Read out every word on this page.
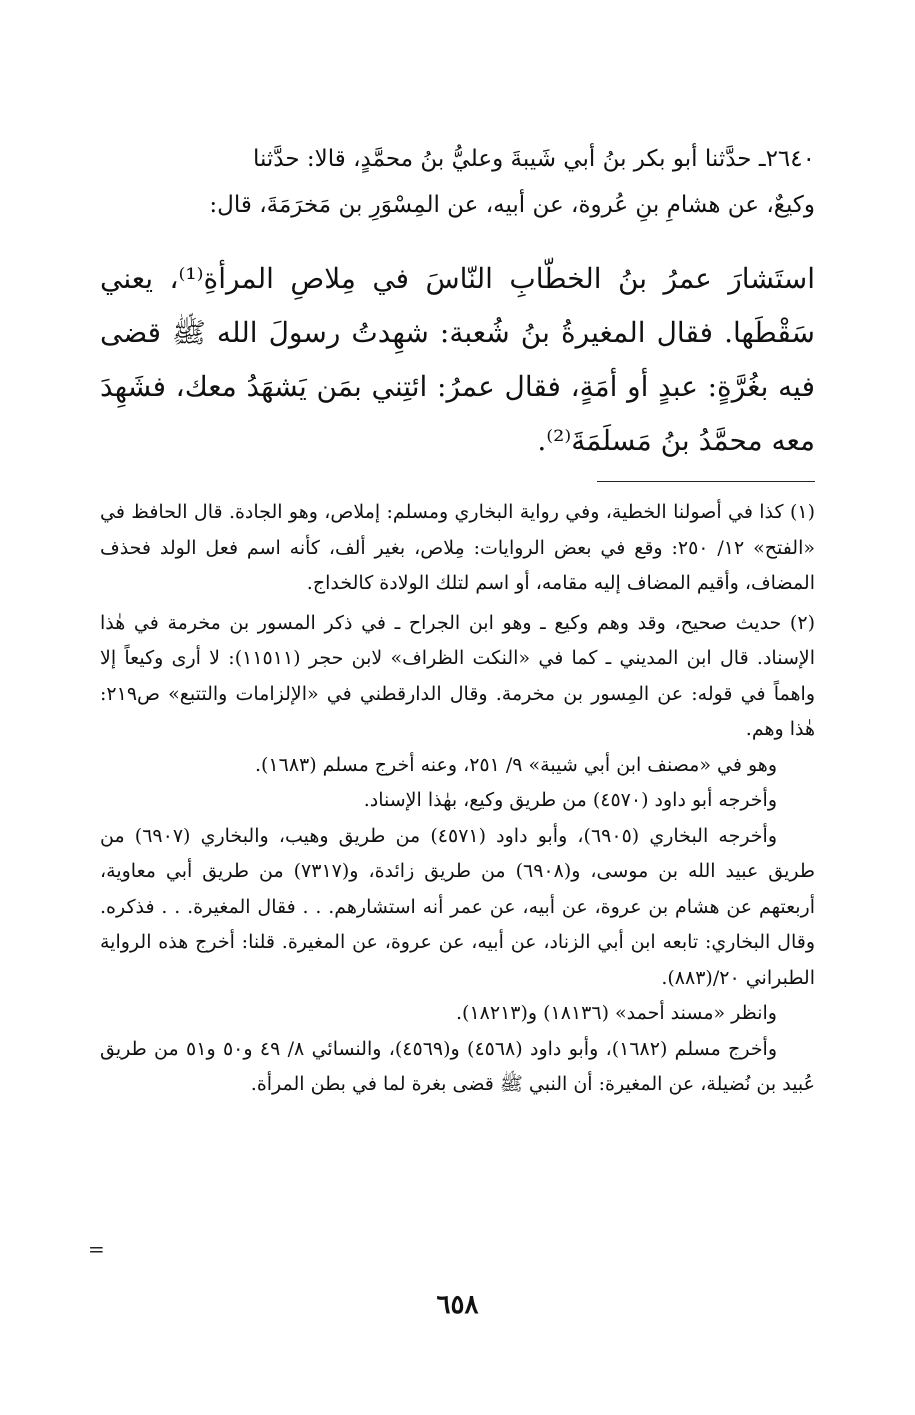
٢٦٤٠ـ حدَّثنا أبو بكر بنُ أبي شَيبةَ وعليُّ بنُ محمَّدٍ، قالا: حدَّثنا
وكيعٌ، عن هشامِ بنِ عُروة، عن أبيه، عن المِسْوَرِ بن مَخرَمَةَ، قال:
استَشارَ عمرُ بنُ الخطّابِ النّاسَ في مِلاصِ المرأةِ⁽¹⁾، يعني سَقْطَها. فقال المغيرةُ بنُ شُعبة: شهِدتُ رسولَ الله ﷺ قضى فيه بغُرَّةٍ: عبدٍ أو أمَةٍ، فقال عمرُ: ائتِني بمَن يَشهَدُ معك، فشَهِدَ معه محمَّدُ بنُ مَسلَمَةَ⁽²⁾.

(١) كذا في أصولنا الخطية، وفي رواية البخاري ومسلم: إملاص، وهو الجادة. قال الحافظ في «الفتح» ١٢/ ٢٥٠: وقع في بعض الروايات: مِلاص، بغير ألف، كأنه اسم فعل الولد فحذف المضاف، وأقيم المضاف إليه مقامه، أو اسم لتلك الولادة كالخداج.

(٢) حديث صحيح، وقد وهم وكيع ـ وهو ابن الجراح ـ في ذكر المسور بن مخرمة في هٰذا الإسناد. قال ابن المديني ـ كما في «النكت الظراف» لابن حجر (١١٥١١): لا أرى وكيعاً إلا واهماً في قوله: عن المِسور بن مخرمة. وقال الدارقطني في «الإلزامات والتتبع» ص٢١٩: هٰذا وهم.

وهو في «مصنف ابن أبي شيبة» ٩/ ٢٥١، وعنه أخرج مسلم (١٦٨٣).

وأخرجه أبو داود (٤٥٧٠) من طريق وكيع، بهٰذا الإسناد.

وأخرجه البخاري (٦٩٠٥)، وأبو داود (٤٥٧١) من طريق وهيب، والبخاري (٦٩٠٧) من طريق عبيد الله بن موسى، و(٦٩٠٨) من طريق زائدة، و(٧٣١٧) من طريق أبي معاوية، أربعتهم عن هشام بن عروة، عن أبيه، عن عمر أنه استشارهم. . . فقال المغيرة. . . فذكره. وقال البخاري: تابعه ابن أبي الزناد، عن أبيه، عن عروة، عن المغيرة. قلنا: أخرج هذه الرواية الطبراني ٢٠/(٨٨٣).

وانظر «مسند أحمد» (١٨١٣٦) و(١٨٢١٣).

وأخرج مسلم (١٦٨٢)، وأبو داود (٤٥٦٨) و(٤٥٦٩)، والنسائي ٨/ ٤٩ و٥٠ و٥١ من طريق عُبيد بن نُضيلة، عن المغيرة: أن النبي ﷺ قضى بغرة لما في بطن المرأة.

=
٦٥٨
